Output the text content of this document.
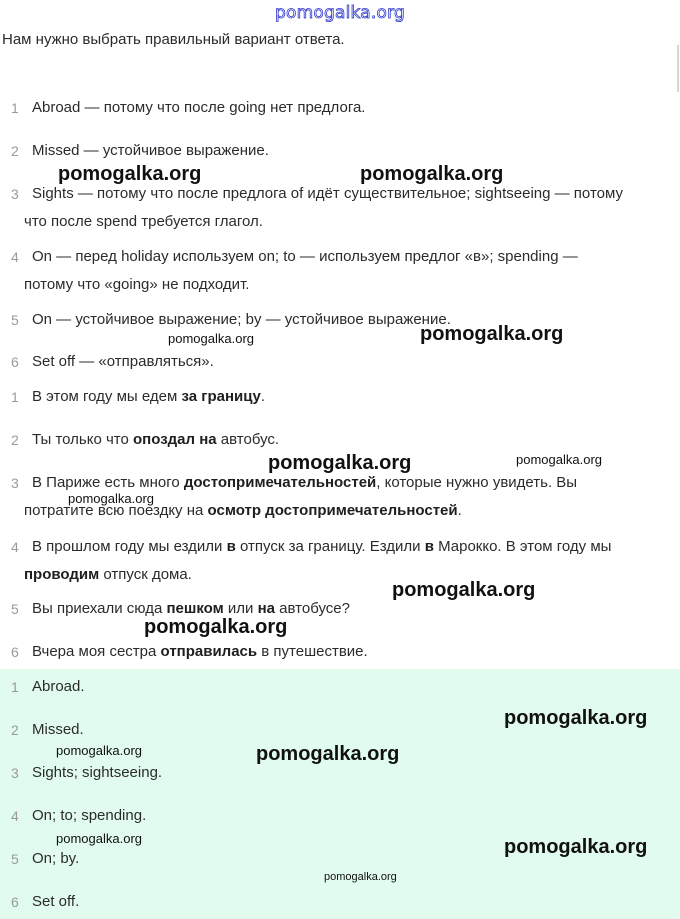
pomogalka.org
Нам нужно выбрать правильный вариант ответа.
1 Abroad — потому что после going нет предлога.
2 Missed — устойчивое выражение.
3 Sights — потому что после предлога of идёт существительное; sightseeing — потому
что после spend требуется глагол.
4 On — перед holiday используем on; to — используем предлог «в»; spending —
потому что «going» не подходит.
5 On — устойчивое выражение; by — устойчивое выражение.
6 Set off — «отправляться».
1 В этом году мы едем за границу.
2 Ты только что опоздал на автобус.
3 В Париже есть много достопримечательностей, которые нужно увидеть. Вы
потратите всю поездку на осмотр достопримечательностей.
4 В прошлом году мы ездили в отпуск за границу. Ездили в Марокко. В этом году мы
проводим отпуск дома.
5 Вы приехали сюда пешком или на автобусе?
6 Вчера моя сестра отправилась в путешествие.
1 Abroad.
2 Missed.
3 Sights; sightseeing.
4 On; to; spending.
5 On; by.
6 Set off.
pomogalka.org	pomogalka.org
pomogalka.org	pomogalka.org
pomogalka.org	pomogalka.org
pomogalka.org
pomogalka.org
pomogalka.org
pomogalka.org
pomogalka.org	pomogalka.org
pomogalka.org	pomogalka.org
pomogalka.org
